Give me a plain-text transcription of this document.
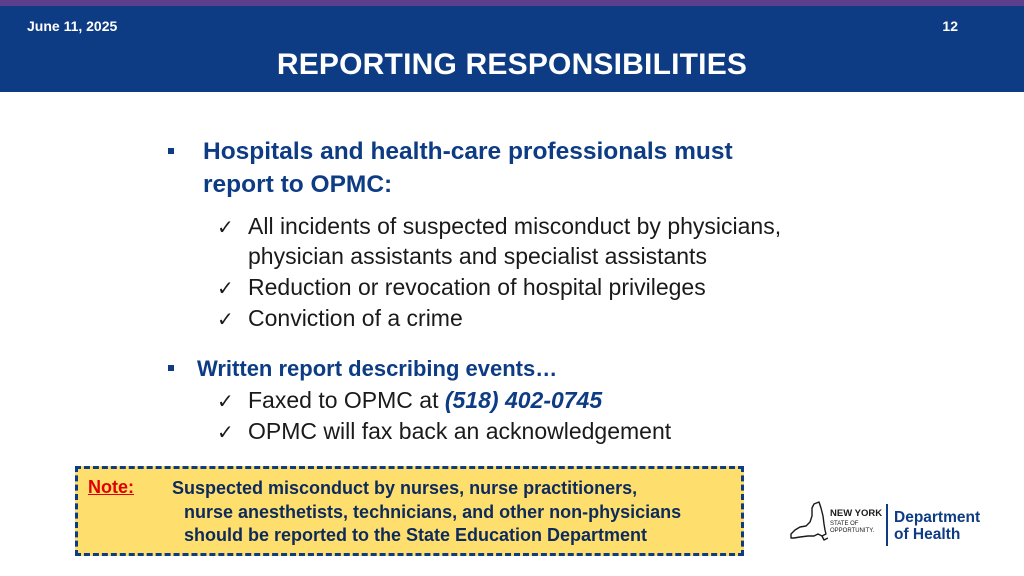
June 11, 2025	12
REPORTING RESPONSIBILITIES
Hospitals and health-care professionals must
report to OPMC:
✓ All incidents of suspected misconduct by physicians,
physician assistants and specialist assistants
✓ Reduction or revocation of hospital privileges
✓ Conviction of a crime
Written report describing events…
✓ Faxed to OPMC at (518) 402-0745
✓ OPMC will fax back an acknowledgement
Note: Suspected misconduct by nurses, nurse practitioners,
nurse anesthetists, technicians, and other non-physicians
should be reported to the State Education Department
NEW YORK
STATE OF
OPPORTUNITY.
Department
of Health
